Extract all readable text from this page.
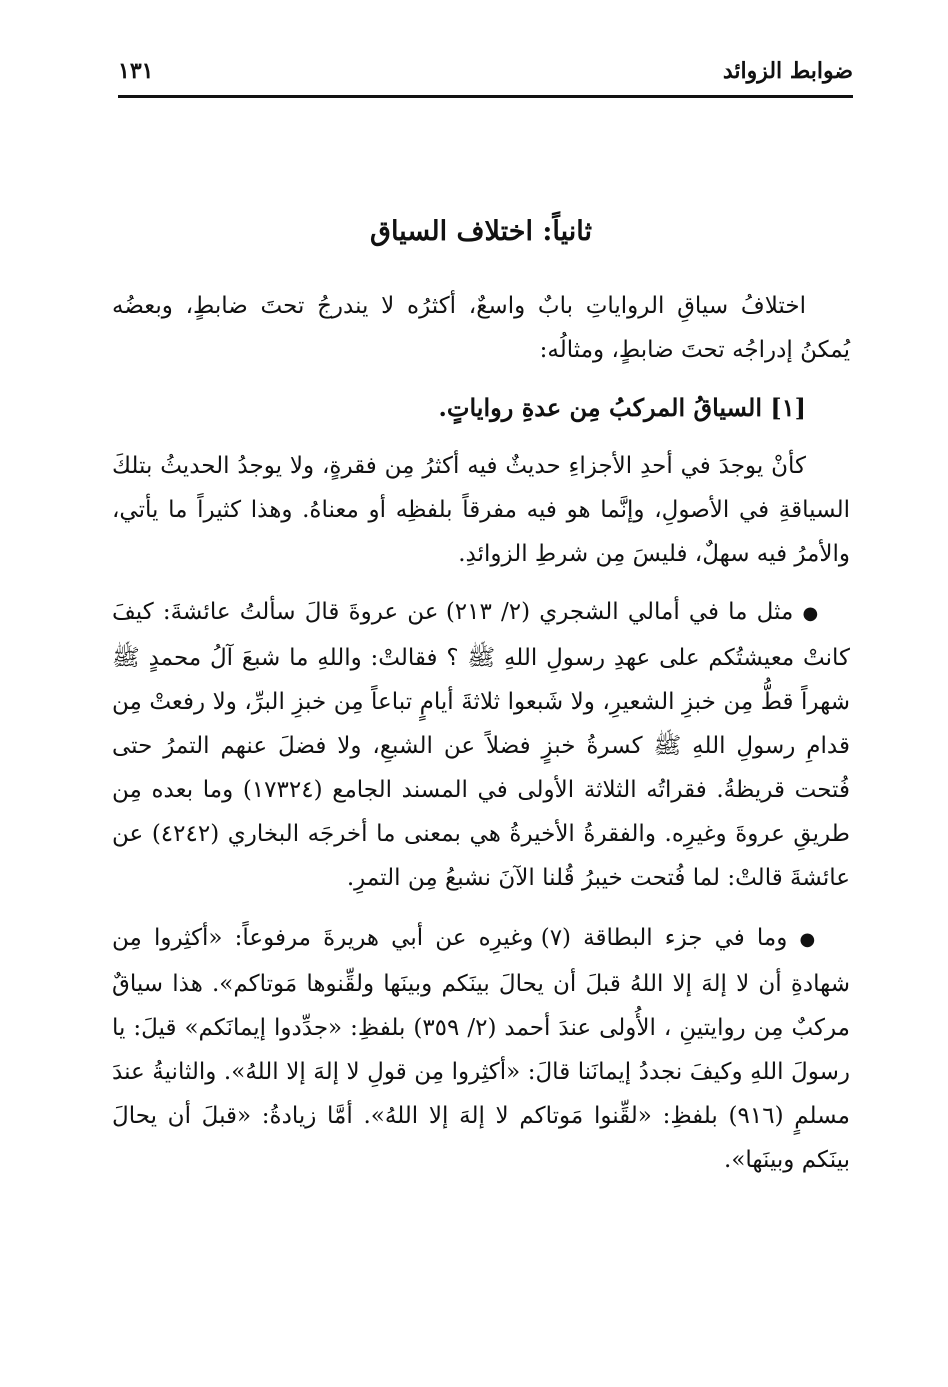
ضوابط الزوائد
١٣١
ثانياً: اختلاف السياق

اختلافُ سياقِ الرواياتِ بابٌ واسعٌ، أكثرُه لا يندرجُ تحتَ ضابطٍ، وبعضُه يُمكنُ إدراجُه تحتَ ضابطٍ، ومثالُه:

[١] السياقُ المركبُ مِن عدةِ رواياتٍ.

كأنْ يوجدَ في أحدِ الأجزاءِ حديثٌ فيه أكثرُ مِن فقرةٍ، ولا يوجدُ الحديثُ بتلكَ السياقةِ في الأصولِ، وإنَّما هو فيه مفرقاً بلفظِه أو معناهُ. وهذا كثيراً ما يأتي، والأمرُ فيه سهلٌ، فليسَ مِن شرطِ الزوائدِ.

● مثل ما في أمالي الشجري (٢/ ٢١٣) عن عروةَ قالَ سألتُ عائشةَ: كيفَ كانتْ معيشتُكم على عهدِ رسولِ اللهِ ﷺ ؟ فقالتْ: واللهِ ما شبعَ آلُ محمدٍ ﷺ شهراً قطُّ مِن خبزِ الشعيرِ، ولا شَبعوا ثلاثةَ أيامٍ تباعاً مِن خبزِ البرِّ، ولا رفعتْ مِن قدامِ رسولِ اللهِ ﷺ كسرةُ خبزٍ فضلاً عن الشبعِ، ولا فضلَ عنهم التمرُ حتى فُتحت قريظةُ. فقراتُه الثلاثة الأولى في المسند الجامع (١٧٣٢٤) وما بعده مِن طريقِ عروةَ وغيرِه. والفقرةُ الأخيرةُ هي بمعنى ما أخرجَه البخاري (٤٢٤٢) عن عائشةَ قالتْ: لما فُتحت خيبرُ قُلنا الآنَ نشبعُ مِن التمرِ.

● وما في جزء البطاقة (٧) وغيرِه عن أبي هريرةَ مرفوعاً: «أكثِروا مِن شهادةِ أن لا إلهَ إلا اللهُ قبلَ أن يحالَ بينَكم وبينَها ولقِّنوها مَوتاكم». هذا سياقٌ مركبٌ مِن روايتينِ ، الأُولى عندَ أحمد (٢/ ٣٥٩) بلفظِ: «جدِّدوا إيمانَكم» قيلَ: يا رسولَ اللهِ وكيفَ نجددُ إيمانَنا قالَ: «أكثِروا مِن قولِ لا إلهَ إلا اللهُ». والثانيةُ عندَ مسلمٍ (٩١٦) بلفظِ: «لقِّنوا مَوتاكم لا إلهَ إلا اللهُ». أمَّا زيادةُ: «قبلَ أن يحالَ بينَكم وبينَها».
